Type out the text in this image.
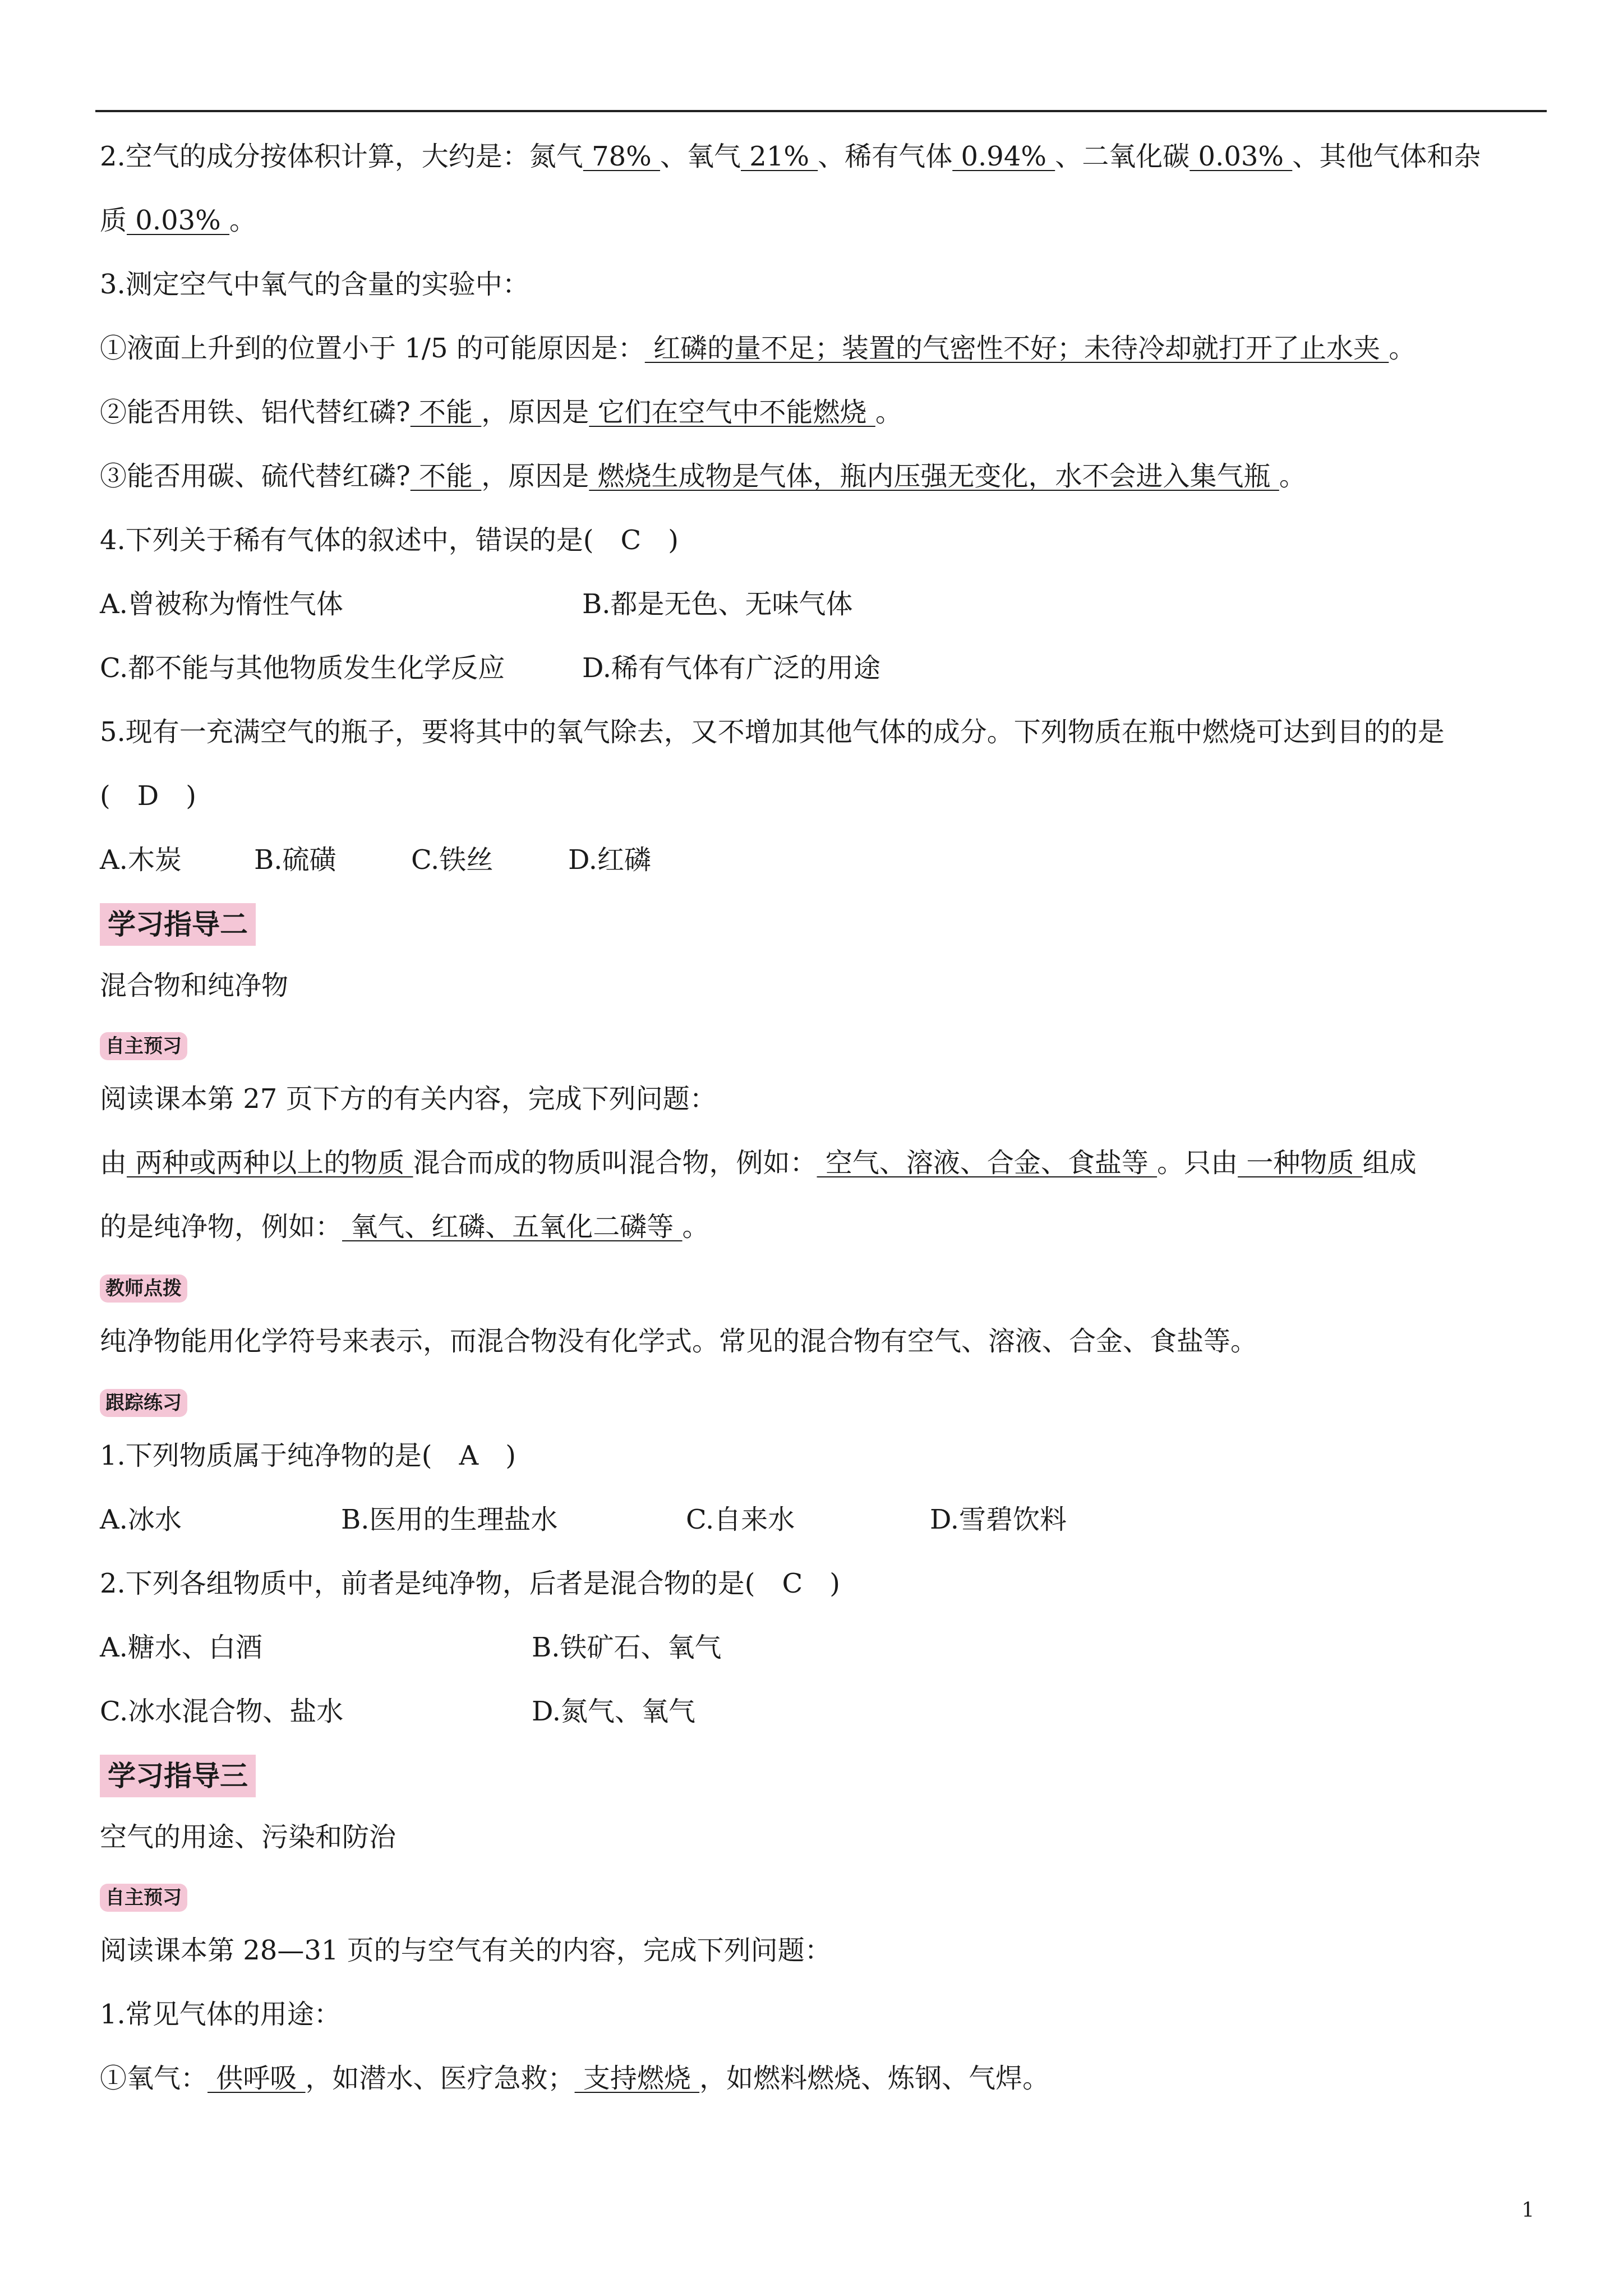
2.空气的成分按体积计算，大约是：氮气 78% 、氧气 21% 、稀有气体 0.94% 、二氧化碳 0.03% 、其他气体和杂
质 0.03% 。
3.测定空气中氧气的含量的实验中：
①液面上升到的位置小于 1/5 的可能原因是： 红磷的量不足；装置的气密性不好；未待冷却就打开了止水夹 。
②能否用铁、铝代替红磷? 不能 ，原因是 它们在空气中不能燃烧 。
③能否用碳、硫代替红磷? 不能 ，原因是 燃烧生成物是气体，瓶内压强无变化，水不会进入集气瓶 。
4.下列关于稀有气体的叙述中，错误的是(　C　)
A.曾被称为惰性气体	B.都是无色、无味气体
C.都不能与其他物质发生化学反应	D.稀有气体有广泛的用途
5.现有一充满空气的瓶子，要将其中的氧气除去，又不增加其他气体的成分。下列物质在瓶中燃烧可达到目的的是
(　D　)
A.木炭	B.硫磺	C.铁丝	D.红磷
学习指导二
混合物和纯净物
自主预习
阅读课本第 27 页下方的有关内容，完成下列问题：
由 两种或两种以上的物质 混合而成的物质叫混合物，例如： 空气、溶液、合金、食盐等 。只由 一种物质 组成
的是纯净物，例如： 氧气、红磷、五氧化二磷等 。
教师点拨
纯净物能用化学符号来表示，而混合物没有化学式。常见的混合物有空气、溶液、合金、食盐等。
跟踪练习
1.下列物质属于纯净物的是(　A　)
A.冰水	B.医用的生理盐水	C.自来水	D.雪碧饮料
2.下列各组物质中，前者是纯净物，后者是混合物的是(　C　)
A.糖水、白酒	B.铁矿石、氧气
C.冰水混合物、盐水	D.氮气、氧气
学习指导三
空气的用途、污染和防治
自主预习
阅读课本第 28—31 页的与空气有关的内容，完成下列问题：
1.常见气体的用途：
①氧气： 供呼吸 ，如潜水、医疗急救； 支持燃烧 ，如燃料燃烧、炼钢、气焊。
1
